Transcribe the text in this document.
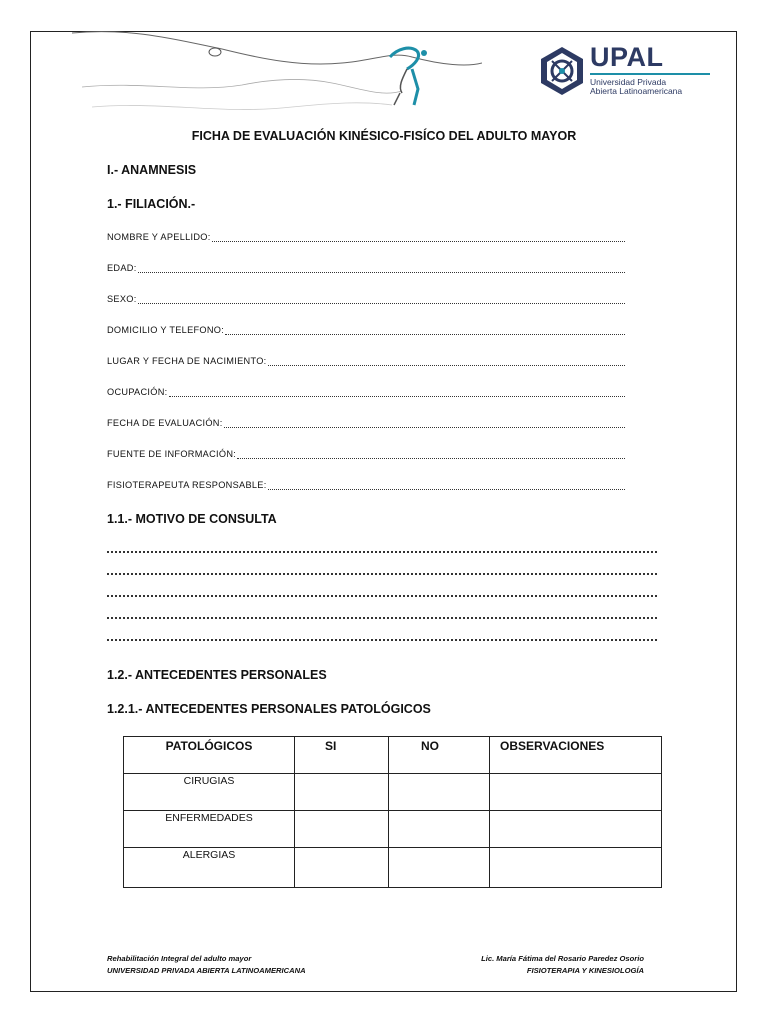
UPAL
Universidad Privada
Abierta Latinoamericana
FICHA DE EVALUACIÓN KINÉSICO-FISÍCO DEL ADULTO MAYOR
I.- ANAMNESIS
1.- FILIACIÓN.-
NOMBRE Y APELLIDO:
EDAD:
SEXO:
DOMICILIO Y TELEFONO:
LUGAR Y FECHA DE NACIMIENTO:
OCUPACIÓN:
FECHA DE EVALUACIÓN:
FUENTE DE INFORMACIÓN:
FISIOTERAPEUTA RESPONSABLE:
1.1.- MOTIVO DE CONSULTA
1.2.- ANTECEDENTES PERSONALES
1.2.1.- ANTECEDENTES PERSONALES PATOLÓGICOS
PATOLÓGICOS	SI	NO	OBSERVACIONES
CIRUGIAS			
ENFERMEDADES			
ALERGIAS			
Rehabilitación Integral del adulto mayor
UNIVERSIDAD PRIVADA ABIERTA LATINOAMERICANA
Lic. María Fátima del Rosario Paredez Osorio
FISIOTERAPIA Y KINESIOLOGÍA
